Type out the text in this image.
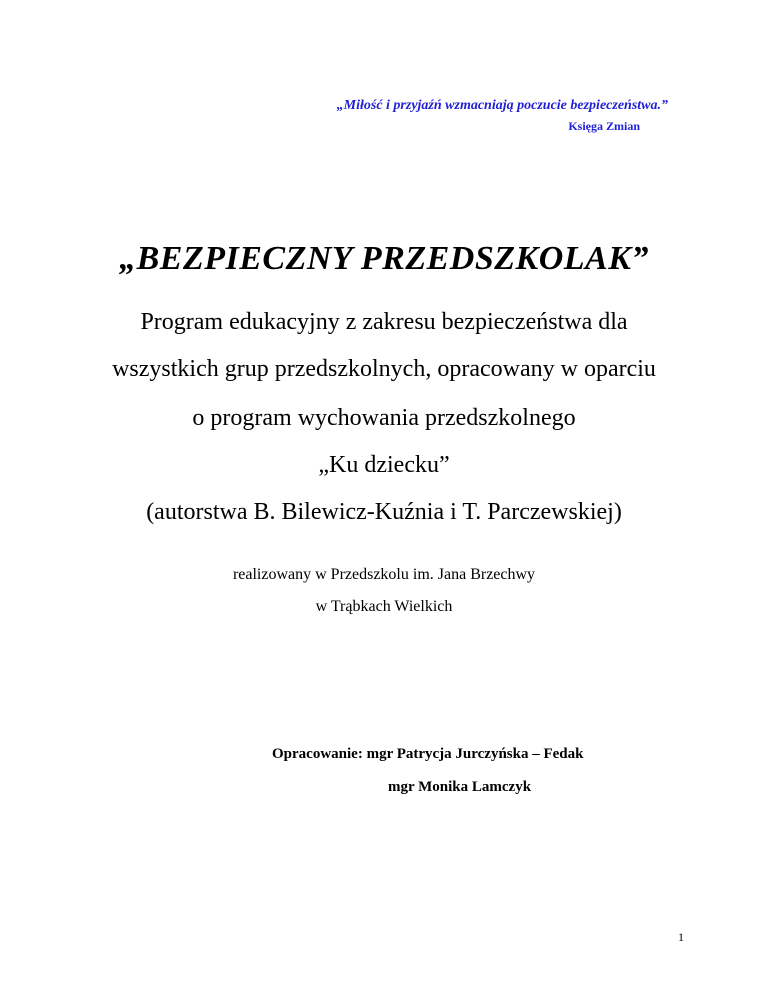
„Miłość i przyjaźń wzmacniają poczucie bezpieczeństwa.”
Księga Zmian
„BEZPIECZNY PRZEDSZKOLAK”
Program edukacyjny z zakresu bezpieczeństwa dla
wszystkich grup przedszkolnych, opracowany w oparciu
o program wychowania przedszkolnego
„Ku dziecku”
(autorstwa B. Bilewicz-Kuźnia i T. Parczewskiej)
realizowany w Przedszkolu im. Jana Brzechwy
w Trąbkach Wielkich
Opracowanie: mgr Patrycja Jurczyńska – Fedak
mgr Monika Lamczyk
1
